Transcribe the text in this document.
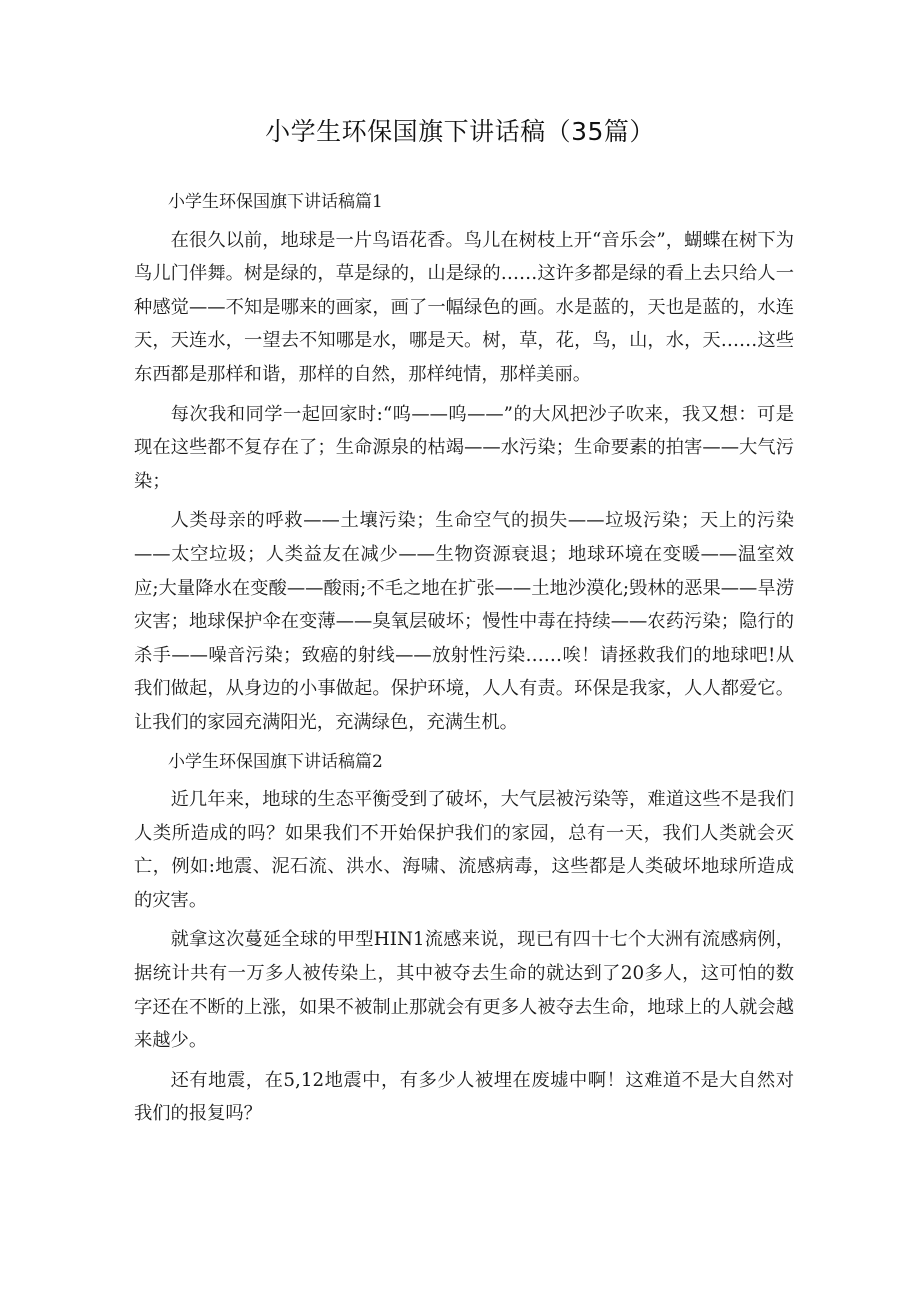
小学生环保国旗下讲话稿（35篇）

小学生环保国旗下讲话稿篇1

在很久以前，地球是一片鸟语花香。鸟儿在树枝上开“音乐会”，蝴蝶在树下为鸟儿门伴舞。树是绿的，草是绿的，山是绿的……这许多都是绿的看上去只给人一种感觉——不知是哪来的画家，画了一幅绿色的画。水是蓝的，天也是蓝的，水连天，天连水，一望去不知哪是水，哪是天。树，草，花，鸟，山，水，天……这些东西都是那样和谐，那样的自然，那样纯情，那样美丽。

每次我和同学一起回家时:“呜——呜——”的大风把沙子吹来，我又想：可是现在这些都不复存在了；生命源泉的枯竭——水污染；生命要素的拍害——大气污染；

人类母亲的呼救——土壤污染；生命空气的损失——垃圾污染；天上的污染——太空垃圾；人类益友在减少——生物资源衰退；地球环境在变暖——温室效应;大量降水在变酸——酸雨;不毛之地在扩张——土地沙漠化;毁林的恶果——旱涝灾害；地球保护伞在变薄——臭氧层破坏；慢性中毒在持续——农药污染；隐行的杀手——噪音污染；致癌的射线——放射性污染……唉！请拯救我们的地球吧!从我们做起，从身边的小事做起。保护环境，人人有责。环保是我家，人人都爱它。让我们的家园充满阳光，充满绿色，充满生机。

小学生环保国旗下讲话稿篇2

近几年来，地球的生态平衡受到了破坏，大气层被污染等，难道这些不是我们人类所造成的吗？如果我们不开始保护我们的家园，总有一天，我们人类就会灭亡，例如:地震、泥石流、洪水、海啸、流感病毒，这些都是人类破坏地球所造成的灾害。

就拿这次蔓延全球的甲型HIN1流感来说，现已有四十七个大洲有流感病例，据统计共有一万多人被传染上，其中被夺去生命的就达到了20多人，这可怕的数字还在不断的上涨，如果不被制止那就会有更多人被夺去生命，地球上的人就会越来越少。

还有地震，在5,12地震中，有多少人被埋在废墟中啊！这难道不是大自然对我们的报复吗？
